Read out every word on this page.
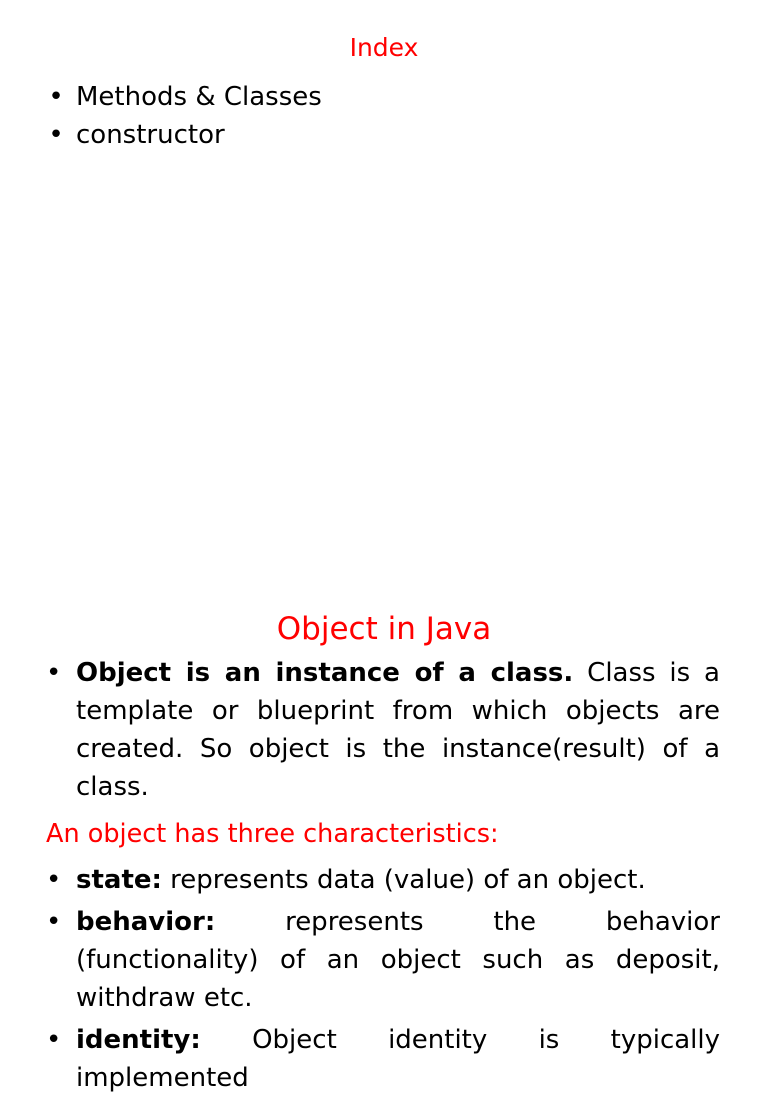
Index
• Methods & Classes
• constructor
Object in Java
• Object is an instance of a class. Class is a template or blueprint from which objects are created. So object is the instance(result) of a class.
An object has three characteristics:
• state: represents data (value) of an object.
• behavior: represents the behavior (functionality) of an object such as deposit, withdraw etc.
• identity: Object identity is typically implemented
